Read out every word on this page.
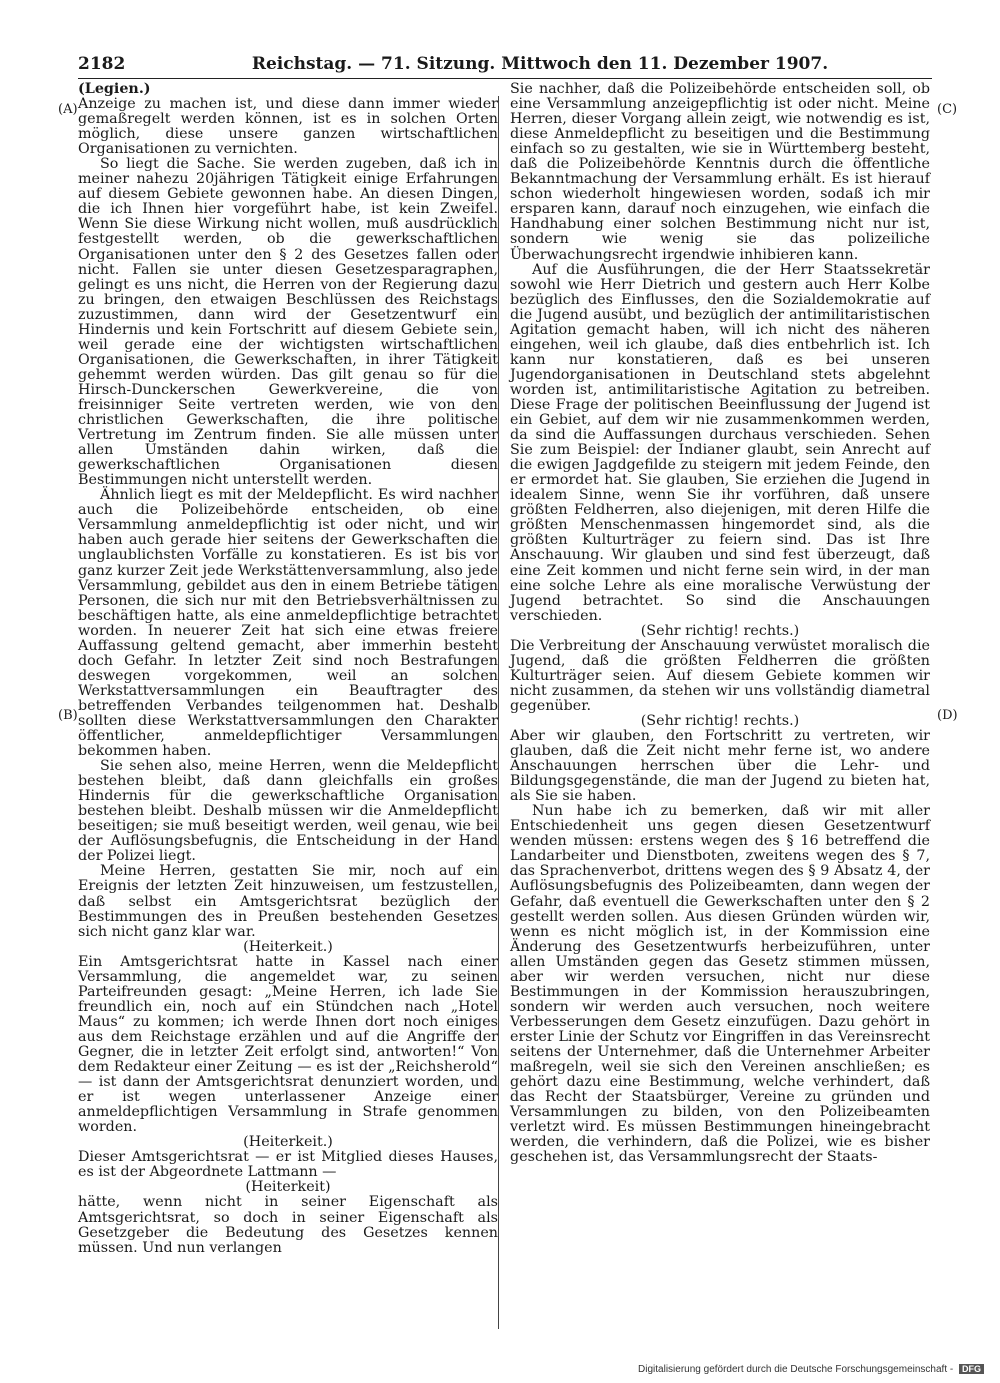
2182	Reichstag. — 71. Sitzung. Mittwoch den 11. Dezember 1907.
(A)
(B)
(C)
(D)

(Legien.)

Anzeige zu machen ist, und diese dann immer wieder gemaßregelt werden können, ist es in solchen Orten möglich, diese unsere ganzen wirtschaftlichen Organisationen zu vernichten.

So liegt die Sache. Sie werden zugeben, daß ich in meiner nahezu 20jährigen Tätigkeit einige Erfahrungen auf diesem Gebiete gewonnen habe. An diesen Dingen, die ich Ihnen hier vorgeführt habe, ist kein Zweifel. Wenn Sie diese Wirkung nicht wollen, muß ausdrücklich festgestellt werden, ob die gewerkschaftlichen Organisationen unter den § 2 des Gesetzes fallen oder nicht. Fallen sie unter diesen Gesetzesparagraphen, gelingt es uns nicht, die Herren von der Regierung dazu zu bringen, den etwaigen Beschlüssen des Reichstags zuzustimmen, dann wird der Gesetzentwurf ein Hindernis und kein Fortschritt auf diesem Gebiete sein, weil gerade eine der wichtigsten wirtschaftlichen Organisationen, die Gewerkschaften, in ihrer Tätigkeit gehemmt werden würden. Das gilt genau so für die Hirsch-Dunckerschen Gewerkvereine, die von freisinniger Seite vertreten werden, wie von den christlichen Gewerkschaften, die ihre politische Vertretung im Zentrum finden. Sie alle müssen unter allen Umständen dahin wirken, daß die gewerkschaftlichen Organisationen diesen Bestimmungen nicht unterstellt werden.

Ähnlich liegt es mit der Meldepflicht. Es wird nachher auch die Polizeibehörde entscheiden, ob eine Versammlung anmeldepflichtig ist oder nicht, und wir haben auch gerade hier seitens der Gewerkschaften die unglaublichsten Vorfälle zu konstatieren. Es ist bis vor ganz kurzer Zeit jede Werkstättenversammlung, also jede Versammlung, gebildet aus den in einem Betriebe tätigen Personen, die sich nur mit den Betriebsverhältnissen zu beschäftigen hatte, als eine anmeldepflichtige betrachtet worden. In neuerer Zeit hat sich eine etwas freiere Auffassung geltend gemacht, aber immerhin besteht doch Gefahr. In letzter Zeit sind noch Bestrafungen deswegen vorgekommen, weil an solchen Werkstattversammlungen ein Beauftragter des betreffenden Verbandes teilgenommen hat. Deshalb sollten diese Werkstattversammlungen den Charakter öffentlicher, anmeldepflichtiger Versammlungen bekommen haben.

Sie sehen also, meine Herren, wenn die Meldepflicht bestehen bleibt, daß dann gleichfalls ein großes Hindernis für die gewerkschaftliche Organisation bestehen bleibt. Deshalb müssen wir die Anmeldepflicht beseitigen; sie muß beseitigt werden, weil genau, wie bei der Auflösungsbefugnis, die Entscheidung in der Hand der Polizei liegt.

Meine Herren, gestatten Sie mir, noch auf ein Ereignis der letzten Zeit hinzuweisen, um festzustellen, daß selbst ein Amtsgerichtsrat bezüglich der Bestimmungen des in Preußen bestehenden Gesetzes sich nicht ganz klar war.

(Heiterkeit.)

Ein Amtsgerichtsrat hatte in Kassel nach einer Versammlung, die angemeldet war, zu seinen Parteifreunden gesagt: „Meine Herren, ich lade Sie freundlich ein, noch auf ein Stündchen nach „Hotel Maus“ zu kommen; ich werde Ihnen dort noch einiges aus dem Reichstage erzählen und auf die Angriffe der Gegner, die in letzter Zeit erfolgt sind, antworten!“ Von dem Redakteur einer Zeitung — es ist der „Reichsherold“ — ist dann der Amtsgerichtsrat denunziert worden, und er ist wegen unterlassener Anzeige einer anmeldepflichtigen Versammlung in Strafe genommen worden.

(Heiterkeit.)

Dieser Amtsgerichtsrat — er ist Mitglied dieses Hauses, es ist der Abgeordnete Lattmann —

(Heiterkeit)

hätte, wenn nicht in seiner Eigenschaft als Amtsgerichtsrat, so doch in seiner Eigenschaft als Gesetzgeber die Bedeutung des Gesetzes kennen müssen. Und nun verlangen

Sie nachher, daß die Polizeibehörde entscheiden soll, ob eine Versammlung anzeigepflichtig ist oder nicht. Meine Herren, dieser Vorgang allein zeigt, wie notwendig es ist, diese Anmeldepflicht zu beseitigen und die Bestimmung einfach so zu gestalten, wie sie in Württemberg besteht, daß die Polizeibehörde Kenntnis durch die öffentliche Bekanntmachung der Versammlung erhält. Es ist hierauf schon wiederholt hingewiesen worden, sodaß ich mir ersparen kann, darauf noch einzugehen, wie einfach die Handhabung einer solchen Bestimmung nicht nur ist, sondern wie wenig sie das polizeiliche Überwachungsrecht irgendwie inhibieren kann.

Auf die Ausführungen, die der Herr Staatssekretär sowohl wie Herr Dietrich und gestern auch Herr Kolbe bezüglich des Einflusses, den die Sozialdemokratie auf die Jugend ausübt, und bezüglich der antimilitaristischen Agitation gemacht haben, will ich nicht des näheren eingehen, weil ich glaube, daß dies entbehrlich ist. Ich kann nur konstatieren, daß es bei unseren Jugendorganisationen in Deutschland stets abgelehnt worden ist, antimilitaristische Agitation zu betreiben. Diese Frage der politischen Beeinflussung der Jugend ist ein Gebiet, auf dem wir nie zusammenkommen werden, da sind die Auffassungen durchaus verschieden. Sehen Sie zum Beispiel: der Indianer glaubt, sein Anrecht auf die ewigen Jagdgefilde zu steigern mit jedem Feinde, den er ermordet hat. Sie glauben, Sie erziehen die Jugend in idealem Sinne, wenn Sie ihr vorführen, daß unsere größten Feldherren, also diejenigen, mit deren Hilfe die größten Menschenmassen hingemordet sind, als die größten Kulturträger zu feiern sind. Das ist Ihre Anschauung. Wir glauben und sind fest überzeugt, daß eine Zeit kommen und nicht ferne sein wird, in der man eine solche Lehre als eine moralische Verwüstung der Jugend betrachtet. So sind die Anschauungen verschieden.

(Sehr richtig! rechts.)

Die Verbreitung der Anschauung verwüstet moralisch die Jugend, daß die größten Feldherren die größten Kulturträger seien. Auf diesem Gebiete kommen wir nicht zusammen, da stehen wir uns vollständig diametral gegenüber.

(Sehr richtig! rechts.)

Aber wir glauben, den Fortschritt zu vertreten, wir glauben, daß die Zeit nicht mehr ferne ist, wo andere Anschauungen herrschen über die Lehr- und Bildungsgegenstände, die man der Jugend zu bieten hat, als Sie sie haben.

Nun habe ich zu bemerken, daß wir mit aller Entschiedenheit uns gegen diesen Gesetzentwurf wenden müssen: erstens wegen des § 16 betreffend die Landarbeiter und Dienstboten, zweitens wegen des § 7, das Sprachenverbot, drittens wegen des § 9 Absatz 4, der Auflösungsbefugnis des Polizeibeamten, dann wegen der Gefahr, daß eventuell die Gewerkschaften unter den § 2 gestellt werden sollen. Aus diesen Gründen würden wir, wenn es nicht möglich ist, in der Kommission eine Änderung des Gesetzentwurfs herbeizuführen, unter allen Umständen gegen das Gesetz stimmen müssen, aber wir werden versuchen, nicht nur diese Bestimmungen in der Kommission herauszubringen, sondern wir werden auch versuchen, noch weitere Verbesserungen dem Gesetz einzufügen. Dazu gehört in erster Linie der Schutz vor Eingriffen in das Vereinsrecht seitens der Unternehmer, daß die Unternehmer Arbeiter maßregeln, weil sie sich den Vereinen anschließen; es gehört dazu eine Bestimmung, welche verhindert, daß das Recht der Staatsbürger, Vereine zu gründen und Versammlungen zu bilden, von den Polizeibeamten verletzt wird. Es müssen Bestimmungen hineingebracht werden, die verhindern, daß die Polizei, wie es bisher geschehen ist, das Versammlungsrecht der Staats-

Digitalisierung gefördert durch die Deutsche Forschungsgemeinschaft - DFG
